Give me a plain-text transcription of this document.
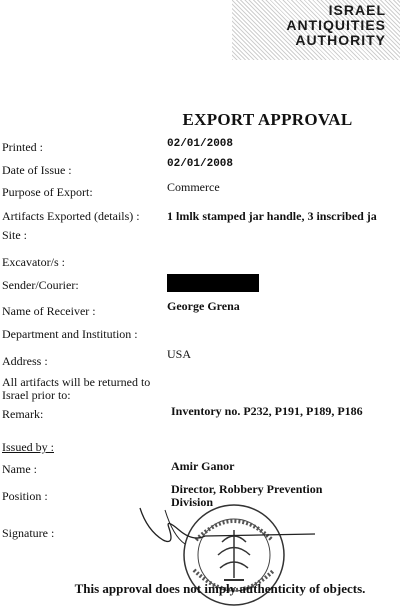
ISRAEL
ANTIQUITIES
AUTHORITY
EXPORT APPROVAL
Printed :	02/01/2008
Date of Issue :	02/01/2008
Purpose of Export:	Commerce
Artifacts Exported (details) : 1 lmlk stamped jar handle, 3 inscribed ja
Site :
Excavator/s :
Sender/Courier:
Name of Receiver :	George Grena
Department and Institution :
Address :	USA
All artifacts will be returned to Israel prior to:
Remark:	Inventory no. P232, P191, P189, P186
Issued by :
Name :	Amir Ganor
Position :	Director, Robbery Prevention Division
Signature :
This approval does not imply authenticity of objects.
